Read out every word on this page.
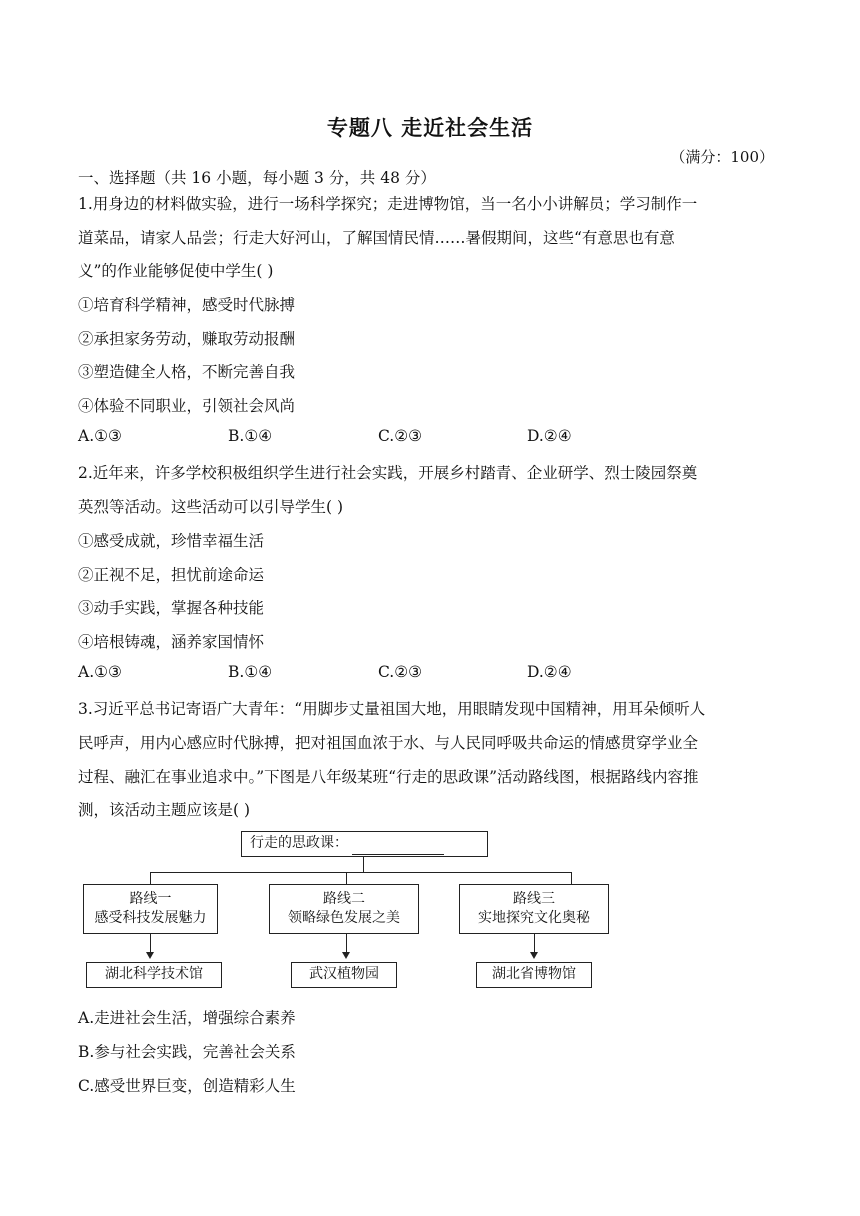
专题八 走近社会生活
（满分：100）
一、选择题（共 16 小题，每小题 3 分，共 48 分）
1.用身边的材料做实验，进行一场科学探究；走进博物馆，当一名小小讲解员；学习制作一
道菜品，请家人品尝；行走大好河山，了解国情民情……暑假期间，这些“有意思也有意
义”的作业能够促使中学生( )
①培育科学精神，感受时代脉搏
②承担家务劳动，赚取劳动报酬
③塑造健全人格，不断完善自我
④体验不同职业，引领社会风尚
A.①③	B.①④	C.②③	D.②④
2.近年来，许多学校积极组织学生进行社会实践，开展乡村踏青、企业研学、烈士陵园祭奠
英烈等活动。这些活动可以引导学生( )
①感受成就，珍惜幸福生活
②正视不足，担忧前途命运
③动手实践，掌握各种技能
④培根铸魂，涵养家国情怀
A.①③	B.①④	C.②③	D.②④
3.习近平总书记寄语广大青年：“用脚步丈量祖国大地，用眼睛发现中国精神，用耳朵倾听人
民呼声，用内心感应时代脉搏，把对祖国血浓于水、与人民同呼吸共命运的情感贯穿学业全
过程、融汇在事业追求中。”下图是八年级某班“行走的思政课”活动路线图，根据路线内容推
测，该活动主题应该是( )
行走的思政课：
路线一
感受科技发展魅力
路线二
领略绿色发展之美
路线三
实地探究文化奥秘
湖北科学技术馆	武汉植物园	湖北省博物馆
A.走进社会生活，增强综合素养
B.参与社会实践，完善社会关系
C.感受世界巨变，创造精彩人生
